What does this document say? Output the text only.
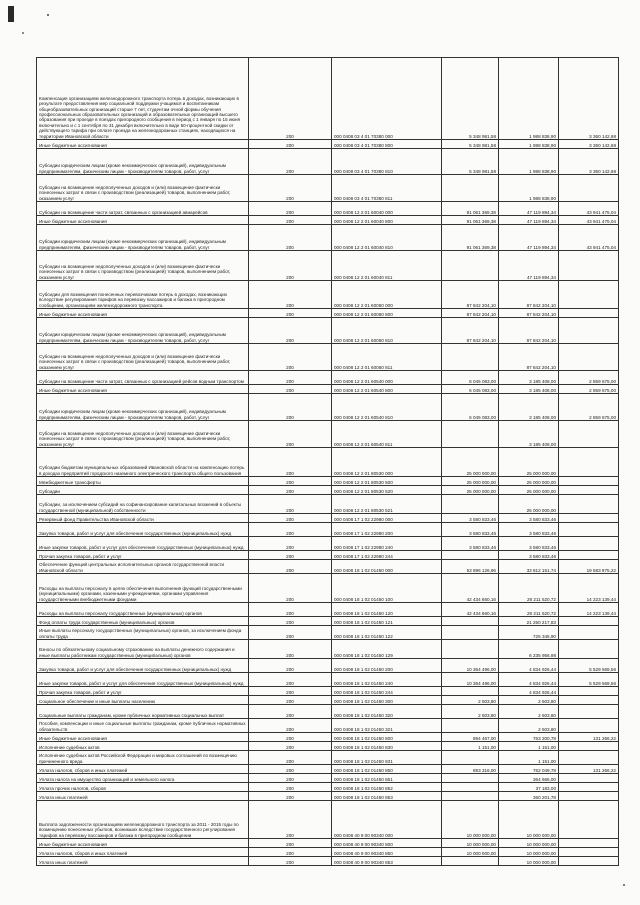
Компенсация организациям железнодорожного транспорта потерь в доходах, возникающих в результате предоставления мер социальной поддержки учащимся и воспитанникам общеобразовательных организаций старше 7 лет, студентам очной формы обучения профессиональных образовательных организаций и образовательных организаций высшего образования при проезде в поездах пригородного сообщения в период с 1 января по 15 июня включительно и с 1 сентября по 31 декабря включительно в виде 50-процентной скидки от действующего тарифа при оплате проезда на железнодорожных станциях, находящихся на территории Ивановской области	200	000 0408 03 4 01 70380 000	5 348 981,58	1 988 838,90	3 360 142,68
Иные бюджетные ассигнования	200	000 0408 03 4 01 70380 800	5 348 981,58	1 988 838,90	3 360 142,68
Субсидии юридическим лицам (кроме некоммерческих организаций), индивидуальным предпринимателям, физическим лицам - производителям товаров, работ, услуг	200	000 0408 03 4 01 70380 810	5 348 981,58	1 988 838,90	3 360 142,68
Субсидии на возмещение недополученных доходов и (или) возмещение фактически понесенных затрат в связи с производством (реализацией) товаров, выполнением работ, оказанием услуг	200	000 0408 03 4 01 70380 811		1 988 838,90	
Субсидии на возмещение части затрат, связанных с организацией авиарейсов	200	000 0408 12 2 01 60040 000	91 061 369,38	47 119 894,34	43 941 475,04
Иные бюджетные ассигнования	200	000 0408 12 2 01 60040 800	91 061 369,38	47 119 894,34	43 941 475,04
Субсидии юридическим лицам (кроме некоммерческих организаций), индивидуальным предпринимателям, физическим лицам - производителям товаров, работ, услуг	200	000 0408 12 2 01 60040 810	91 061 369,38	47 119 894,34	43 941 475,04
Субсидии на возмещение недополученных доходов и (или) возмещение фактически понесенных затрат в связи с производством (реализацией) товаров, выполнением работ, оказанием услуг	200	000 0408 12 2 01 60040 811		47 119 894,34	
Субсидии для возмещения понесенных перевозчиками потерь в доходах, возникающих вследствие регулирования тарифов на перевозку пассажиров и багажа в пригородном сообщении, организациям железнодорожного транспорта	200	000 0408 12 2 01 60050 000	87 842 204,10	87 842 204,10	
Иные бюджетные ассигнования	200	000 0408 12 2 01 60050 800	87 842 204,10	87 842 204,10	
Субсидии юридическим лицам (кроме некоммерческих организаций), индивидуальным предпринимателям, физическим лицам - производителям товаров, работ, услуг	200	000 0408 12 2 01 60050 810	87 842 204,10	87 842 204,10	
Субсидии на возмещение недополученных доходов и (или) возмещение фактически понесенных затрат в связи с производством (реализацией) товаров, выполнением работ, оказанием услуг	200	000 0408 12 2 01 60050 811		87 842 204,10	
Субсидии на возмещение части затрат, связанных с организацией рейсов водным транспортом	200	000 0408 12 2 01 60540 000	6 045 083,00	3 185 408,00	2 859 675,00
Иные бюджетные ассигнования	200	000 0408 12 2 01 60540 800	6 045 083,00	3 185 408,00	2 859 675,00
Субсидии юридическим лицам (кроме некоммерческих организаций), индивидуальным предпринимателям, физическим лицам - производителям товаров, работ, услуг	200	000 0408 12 2 01 60540 810	6 045 083,00	3 185 408,00	2 859 675,00
Субсидии на возмещение недополученных доходов и (или) возмещение фактически понесенных затрат в связи с производством (реализацией) товаров, выполнением работ, оказанием услуг	200	000 0408 12 2 01 60540 811		3 185 408,00	
Субсидии бюджетам муниципальных образований Ивановской области на компенсацию потерь в доходах предприятий городского наземного электрического транспорта общего пользования	200	000 0408 12 2 01 80530 000	25 000 000,00	25 000 000,00	
Межбюджетные трансферты	200	000 0408 12 2 01 80530 500	25 000 000,00	25 000 000,00	
Субсидии	200	000 0408 12 2 01 80530 520	25 000 000,00	25 000 000,00	
Субсидии, за исключением субсидий на софинансирование капитальных вложений в объекты государственной (муниципальной) собственности	200	000 0408 12 2 01 80530 521		25 000 000,00	
Резервный фонд Правительства Ивановской области	200	000 0408 17 1 02 22980 000	3 580 833,46	3 580 833,46	
Закупка товаров, работ и услуг для обеспечения государственных (муниципальных) нужд	200	000 0408 17 1 02 22980 200	3 580 833,46	3 580 833,46	
Иные закупки товаров, работ и услуг для обеспечения государственных (муниципальных) нужд	200	000 0408 17 1 02 22980 240	3 580 833,46	3 580 833,46	
Прочая закупка товаров, работ и услуг	200	000 0408 17 1 02 22980 244		3 580 833,46	
Обеспечение функций центральных исполнительных органов государственной власти Ивановской области	200	000 0408 18 1 02 01450 000	53 896 126,96	33 812 151,74	19 583 975,22
Расходы на выплаты персоналу в целях обеспечения выполнения функций государственными (муниципальными) органами, казенными учреждениями, органами управления государственными внебюджетными фондами	200	000 0408 18 1 02 01450 100	42 434 660,16	28 211 520,72	14 223 139,44
Расходы на выплаты персоналу государственных (муниципальных) органов	200	000 0408 18 1 02 01450 120	42 434 660,16	28 211 520,72	14 223 139,44
Фонд оплаты труда государственных (муниципальных) органов	200	000 0408 18 1 02 01450 121		21 250 217,83	
Иные выплаты персоналу государственных (муниципальных) органов, за исключением фонда оплаты труда	200	000 0408 18 1 02 01450 122		725 345,90	
Взносы по обязательному социальному страхованию на выплаты денежного содержания и иные выплаты работникам государственных (муниципальных) органов	200	000 0408 18 1 02 01450 129		6 235 956,98	
Закупка товаров, работ и услуг для обеспечения государственных (муниципальных) нужд	200	000 0408 18 1 02 01450 200	10 364 496,00	4 834 926,44	5 529 569,56
Иные закупки товаров, работ и услуг для обеспечения государственных (муниципальных) нужд	200	000 0408 18 1 02 01450 240	10 364 496,00	4 834 926,44	5 529 569,56
Прочая закупка товаров, работ и услуг	200	000 0408 18 1 02 01450 244		4 834 926,44	
Социальное обеспечение и иные выплаты населению	200	000 0408 18 1 02 01450 300	2 503,80	2 503,80	
Социальные выплаты гражданам, кроме публичных нормативных социальных выплат	200	000 0408 18 1 02 01450 320	2 503,80	2 503,80	
Пособия, компенсации и иные социальные выплаты гражданам, кроме публичных нормативных обязательств	200	000 0408 18 1 02 01450 321		2 503,80	
Иные бюджетные ассигнования	200	000 0408 18 1 02 01450 800	894 467,00	763 200,78	131 266,22
Исполнение судебных актов	200	000 0408 18 1 02 01450 830	1 151,00	1 151,00	
Исполнение судебных актов Российской Федерации и мировых соглашений по возмещению причиненного вреда	200	000 0408 18 1 02 01450 831		1 151,00	
Уплата налогов, сборов и иных платежей	200	000 0408 18 1 02 01450 850	893 316,00	762 049,78	131 266,22
Уплата налога на имущество организаций и земельного налога	200	000 0408 18 1 02 01450 851		364 665,00	
Уплата прочих налогов, сборов	200	000 0408 18 1 02 01450 852		37 183,00	
Уплата иных платежей	200	000 0408 18 1 02 01450 853		360 201,78	
Выплата задолженности организациям железнодорожного транспорта за 2011 - 2015 годы по возмещению понесенных убытков, возникших вследствие государственного регулирования тарифов на перевозку пассажиров и багажа в пригородном сообщении	200	000 0408 40 9 00 90340 000	10 000 000,00	10 000 000,00	
Иные бюджетные ассигнования	200	000 0408 40 9 00 90340 800	10 000 000,00	10 000 000,00	
Уплата налогов, сборов и иных платежей	200	000 0408 40 9 00 90340 850	10 000 000,00	10 000 000,00	
Уплата иных платежей	200	000 0408 40 9 00 90340 853		10 000 000,00	
